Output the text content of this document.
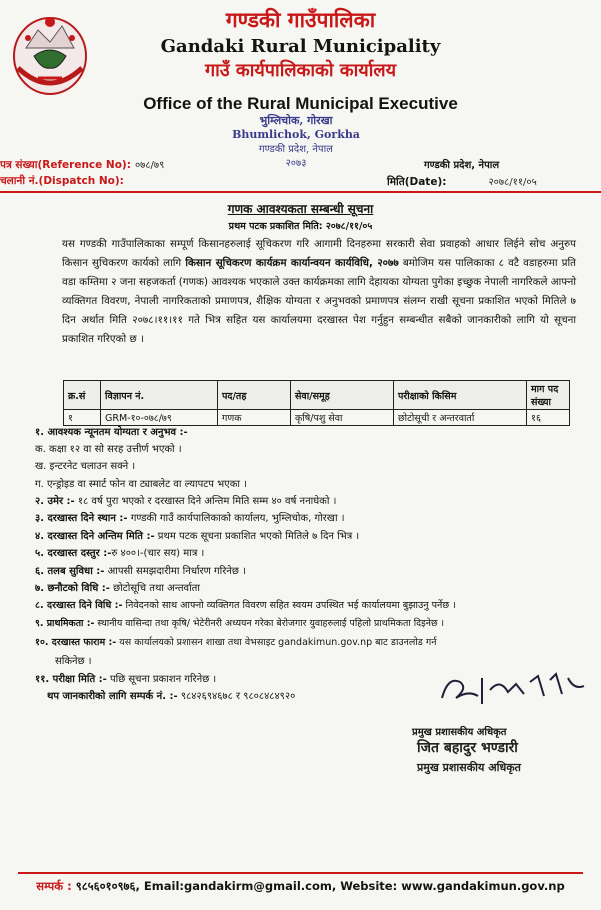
गण्डकी गाउँपालिका
Gandaki Rural Municipality
गाउँ कार्यपालिकाको कार्यालय
Office of the Rural Municipal Executive
भुम्लिचोक, गोरखा
Bhumlichok, Gorkha
गण्डकी प्रदेश, नेपाल
२०७३
पत्र संख्या(Reference No): ०७८/७९
चलानी नं.(Dispatch No):
गण्डकी प्रदेश, नेपाल
मिति(Date):	२०७८/११/०५
गणक आवश्यकता सम्बन्धी सूचना
प्रथम पटक प्रकाशित मिति: २०७८/११/०५
यस गण्डकी गाउँपालिकाका सम्पूर्ण किसानहरुलाई सूचिकरण गरि आगामी दिनहरुमा सरकारी सेवा प्रवाहको आधार लिईने सोच अनुरुप किसान सुचिकरण कार्यको लागि किसान सूचिकरण कार्यक्रम कार्यान्वयन कार्यविधि, २०७७ बमोजिम यस पालिकाका ८ वटै वडाहरुमा प्रति वडा कम्तिमा २ जना सहजकर्ता (गणक) आवश्यक भएकाले उक्त कार्यक्रमका लागि देहायका योग्यता पुगेका इच्छुक नेपाली नागरिकले आफ्नो व्यक्तिगत विवरण, नेपाली नागरिकताको प्रमाणपत्र, शैक्षिक योग्यता र अनुभवको प्रमाणपत्र संलग्न राखी सूचना प्रकाशित भएको मितिले ७ दिन अर्थात मिति २०७८।११।११ गते भित्र सहित यस कार्यालयमा दरखास्त पेश गर्नुहुन सम्बन्धीत सबैको जानकारीको लागि यो सूचना प्रकाशित गरिएको छ ।
क्र.सं	विज्ञापन नं.	पद/तह	सेवा/समूह	परीक्षाको किसिम	माग पद संख्या
१	GRM-१०-०७८/७९	गणक	कृषि/पशु सेवा	छोटोसूची र अन्तरवार्ता	१६
१. आवश्यक न्यूनतम योग्यता र अनुभव :-
क. कक्षा १२ वा सो सरह उत्तीर्ण भएको ।
ख. इन्टरनेट चलाउन सक्ने ।
ग. एन्ड्रोइड वा स्मार्ट फोन वा ट्याबलेट वा ल्यापटप भएका ।
२. उमेर :- १८ वर्ष पुरा भएको र दरखास्त दिने अन्तिम मिति सम्म ४० वर्ष ननाघेको ।
३. दरखास्त दिने स्थान :- गण्डकी गाउँ कार्यपालिकाको कार्यालय, भुम्लिचोक, गोरखा ।
४. दरखास्त दिने अन्तिम मिति :- प्रथम पटक सूचना प्रकाशित भएको मितिले ७ दिन भित्र ।
५. दरखास्त दस्तुर :-रु ४००।-(चार सय) मात्र ।
६. तलब सुविधा :- आपसी समझदारीमा निर्धारण गरिनेछ ।
७. छनौटको विधि :- छोटोसूचि तथा अन्तर्वाता
८. दरखास्त दिने विधि :- निवेदनको साथ आफ्नो व्यक्तिगत विवरण सहित स्वयम उपस्थित भई कार्यालयमा बुझाउनु पर्नेछ ।
९. प्राथमिकता :- स्थानीय वासिन्दा तथा कृषि/ भेटेरीनरी अध्ययन गरेका बेरोजगार युवाहरुलाई पहिलो प्राथमिकता दिइनेछ ।
१०. दरखास्त फाराम :- यस कार्यालयको प्रशासन शाखा तथा वेभसाइट gandakimun.gov.np बाट डाउनलोड गर्न
सकिनेछ ।
११. परीक्षा मिति :- पछि सूचना प्रकाशन गरिनेछ ।
थप जानकारीको लागि सम्पर्क नं. :- ९८४२६९४६७८ र ९८०८४८४९२०
प्रमुख प्रशासकीय अधिकृत
जित बहादुर भण्डारी
प्रमुख प्रशासकीय अधिकृत
सम्पर्क : ९८५६०१०९७६, Email:gandakirm@gmail.com, Website: www.gandakimun.gov.np
